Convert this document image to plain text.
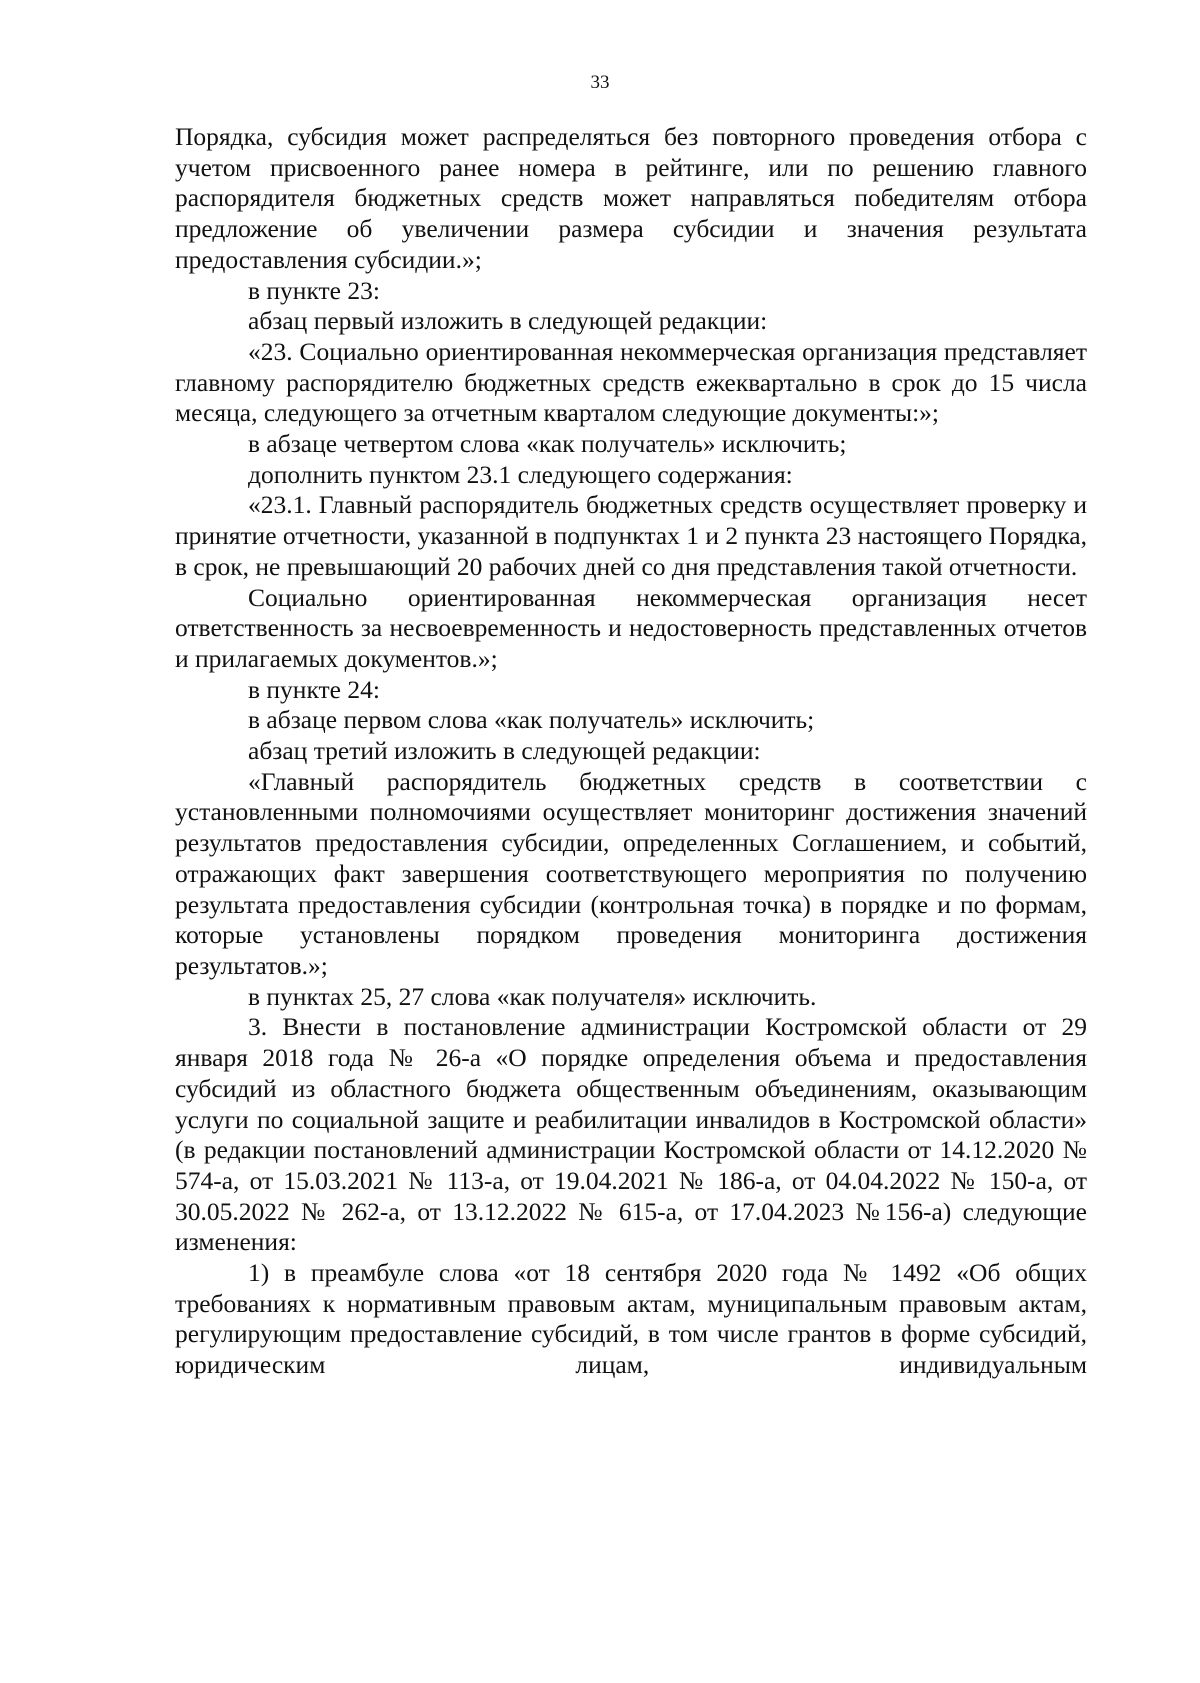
33

Порядка, субсидия может распределяться без повторного проведения отбора с учетом присвоенного ранее номера в рейтинге, или по решению главного распорядителя бюджетных средств может направляться победителям отбора предложение об увеличении размера субсидии и значения результата предоставления субсидии.»;

в пункте 23:

абзац первый изложить в следующей редакции:

«23. Социально ориентированная некоммерческая организация представляет главному распорядителю бюджетных средств ежеквартально в срок до 15 числа месяца, следующего за отчетным кварталом следующие документы:»;

в абзаце четвертом слова «как получатель» исключить;

дополнить пунктом 23.1 следующего содержания:

«23.1. Главный распорядитель бюджетных средств осуществляет проверку и принятие отчетности, указанной в подпунктах 1 и 2 пункта 23 настоящего Порядка, в срок, не превышающий 20 рабочих дней со дня представления такой отчетности.

Социально ориентированная некоммерческая организация несет ответственность за несвоевременность и недостоверность представленных отчетов и прилагаемых документов.»;

в пункте 24:

в абзаце первом слова «как получатель» исключить;

абзац третий изложить в следующей редакции:

«Главный распорядитель бюджетных средств в соответствии с установленными полномочиями осуществляет мониторинг достижения значений результатов предоставления субсидии, определенных Соглашением, и событий, отражающих факт завершения соответствующего мероприятия по получению результата предоставления субсидии (контрольная точка) в порядке и по формам, которые установлены порядком проведения мониторинга достижения результатов.»;

в пунктах 25, 27 слова «как получателя» исключить.

3. Внести в постановление администрации Костромской области от 29 января 2018 года № 26-а «О порядке определения объема и предоставления субсидий из областного бюджета общественным объединениям, оказывающим услуги по социальной защите и реабилитации инвалидов в Костромской области» (в редакции постановлений администрации Костромской области от 14.12.2020 № 574-а, от 15.03.2021 № 113-а, от 19.04.2021 № 186-а, от 04.04.2022 № 150-а, от 30.05.2022 № 262-а, от 13.12.2022 № 615-а, от 17.04.2023 №156-а) следующие изменения:

1) в преамбуле слова «от 18 сентября 2020 года № 1492 «Об общих требованиях к нормативным правовым актам, муниципальным правовым актам, регулирующим предоставление субсидий, в том числе грантов в форме субсидий, юридическим лицам, индивидуальным
